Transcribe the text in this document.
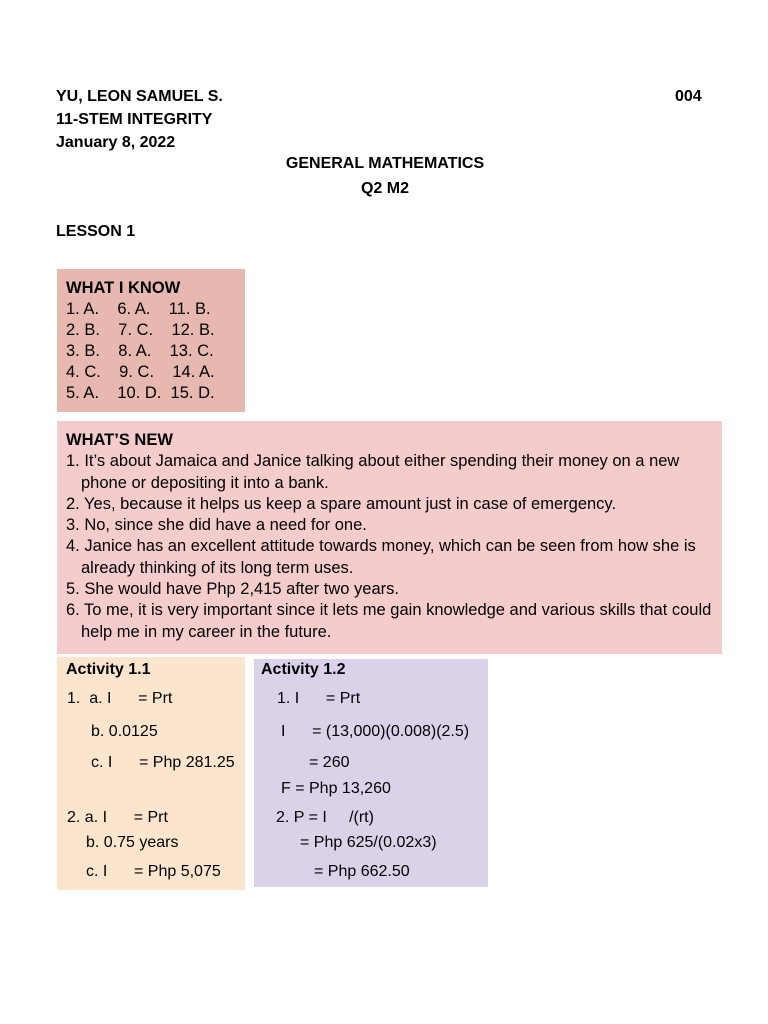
YU, LEON SAMUEL S.	004
11-STEM INTEGRITY
January 8, 2022
GENERAL MATHEMATICS
Q2 M2
LESSON 1
WHAT I KNOW
1. A.    6. A.    11. B.
2. B.    7. C.    12. B.
3. B.    8. A.    13. C.
4. C.    9. C.    14. A.
5. A.    10. D.  15. D.
WHAT’S NEW
1. It’s about Jamaica and Janice talking about either spending their money on a new phone or depositing it into a bank.
2. Yes, because it helps us keep a spare amount just in case of emergency.
3. No, since she did have a need for one.
4. Janice has an excellent attitude towards money, which can be seen from how she is already thinking of its long term uses.
5. She would have Php 2,415 after two years.
6. To me, it is very important since it lets me gain knowledge and various skills that could help me in my career in the future.
Activity 1.1
1.  a. I      = Prt
b. 0.0125
c. I      = Php 281.25
2. a. I      = Prt
b. 0.75 years
c. I      = Php 5,075
Activity 1.2
1. I      = Prt
I      = (13,000)(0.008)(2.5)
= 260
F = Php 13,260
2. P = I     /(rt)
= Php 625/(0.02x3)
= Php 662.50
